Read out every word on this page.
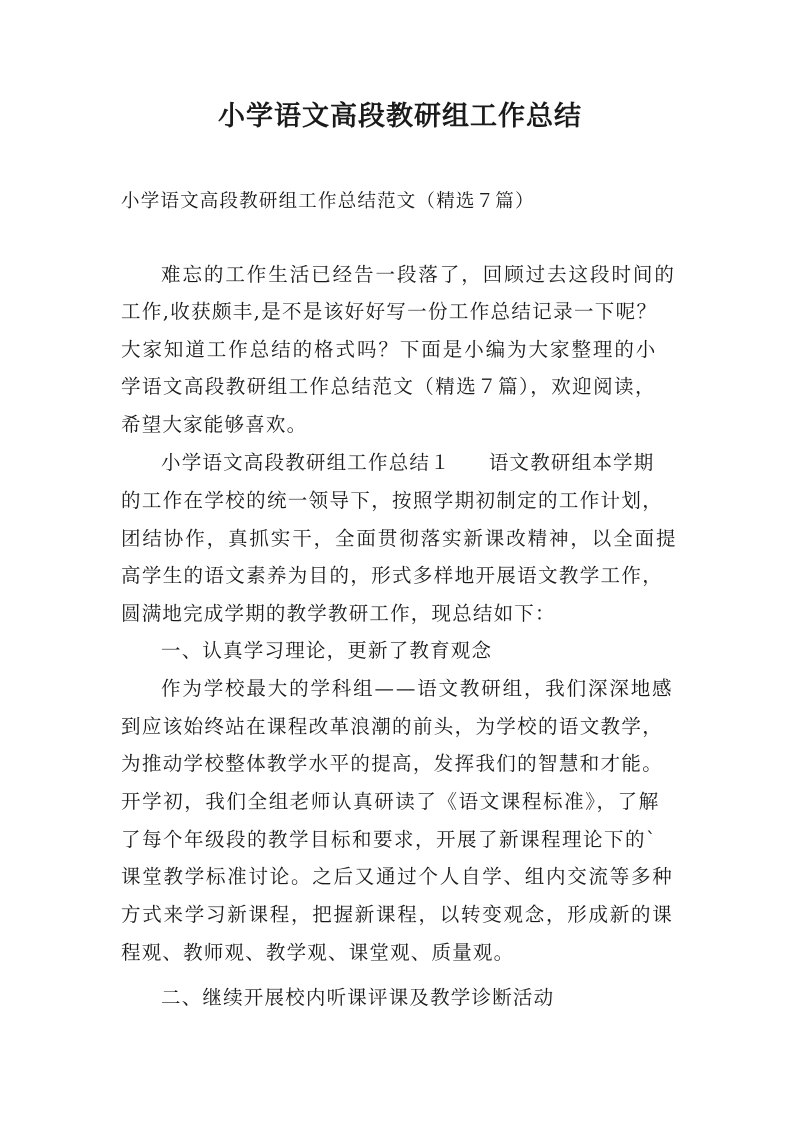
小学语文高段教研组工作总结
小学语文高段教研组工作总结范文（精选７篇）
难忘的工作生活已经告一段落了，回顾过去这段时间的
工作,收获颇丰,是不是该好好写一份工作总结记录一下呢？
大家知道工作总结的格式吗？下面是小编为大家整理的小
学语文高段教研组工作总结范文（精选７篇），欢迎阅读，
希望大家能够喜欢。
小学语文高段教研组工作总结１ 语文教研组本学期
的工作在学校的统一领导下，按照学期初制定的工作计划，
团结协作，真抓实干，全面贯彻落实新课改精神，以全面提
高学生的语文素养为目的，形式多样地开展语文教学工作，
圆满地完成学期的教学教研工作，现总结如下：
一、认真学习理论，更新了教育观念
作为学校最大的学科组——语文教研组，我们深深地感
到应该始终站在课程改革浪潮的前头，为学校的语文教学，
为推动学校整体教学水平的提高，发挥我们的智慧和才能。
开学初，我们全组老师认真研读了《语文课程标准》，了解
了每个年级段的教学目标和要求，开展了新课程理论下的`
课堂教学标准讨论。之后又通过个人自学、组内交流等多种
方式来学习新课程，把握新课程，以转变观念，形成新的课
程观、教师观、教学观、课堂观、质量观。
二、继续开展校内听课评课及教学诊断活动
